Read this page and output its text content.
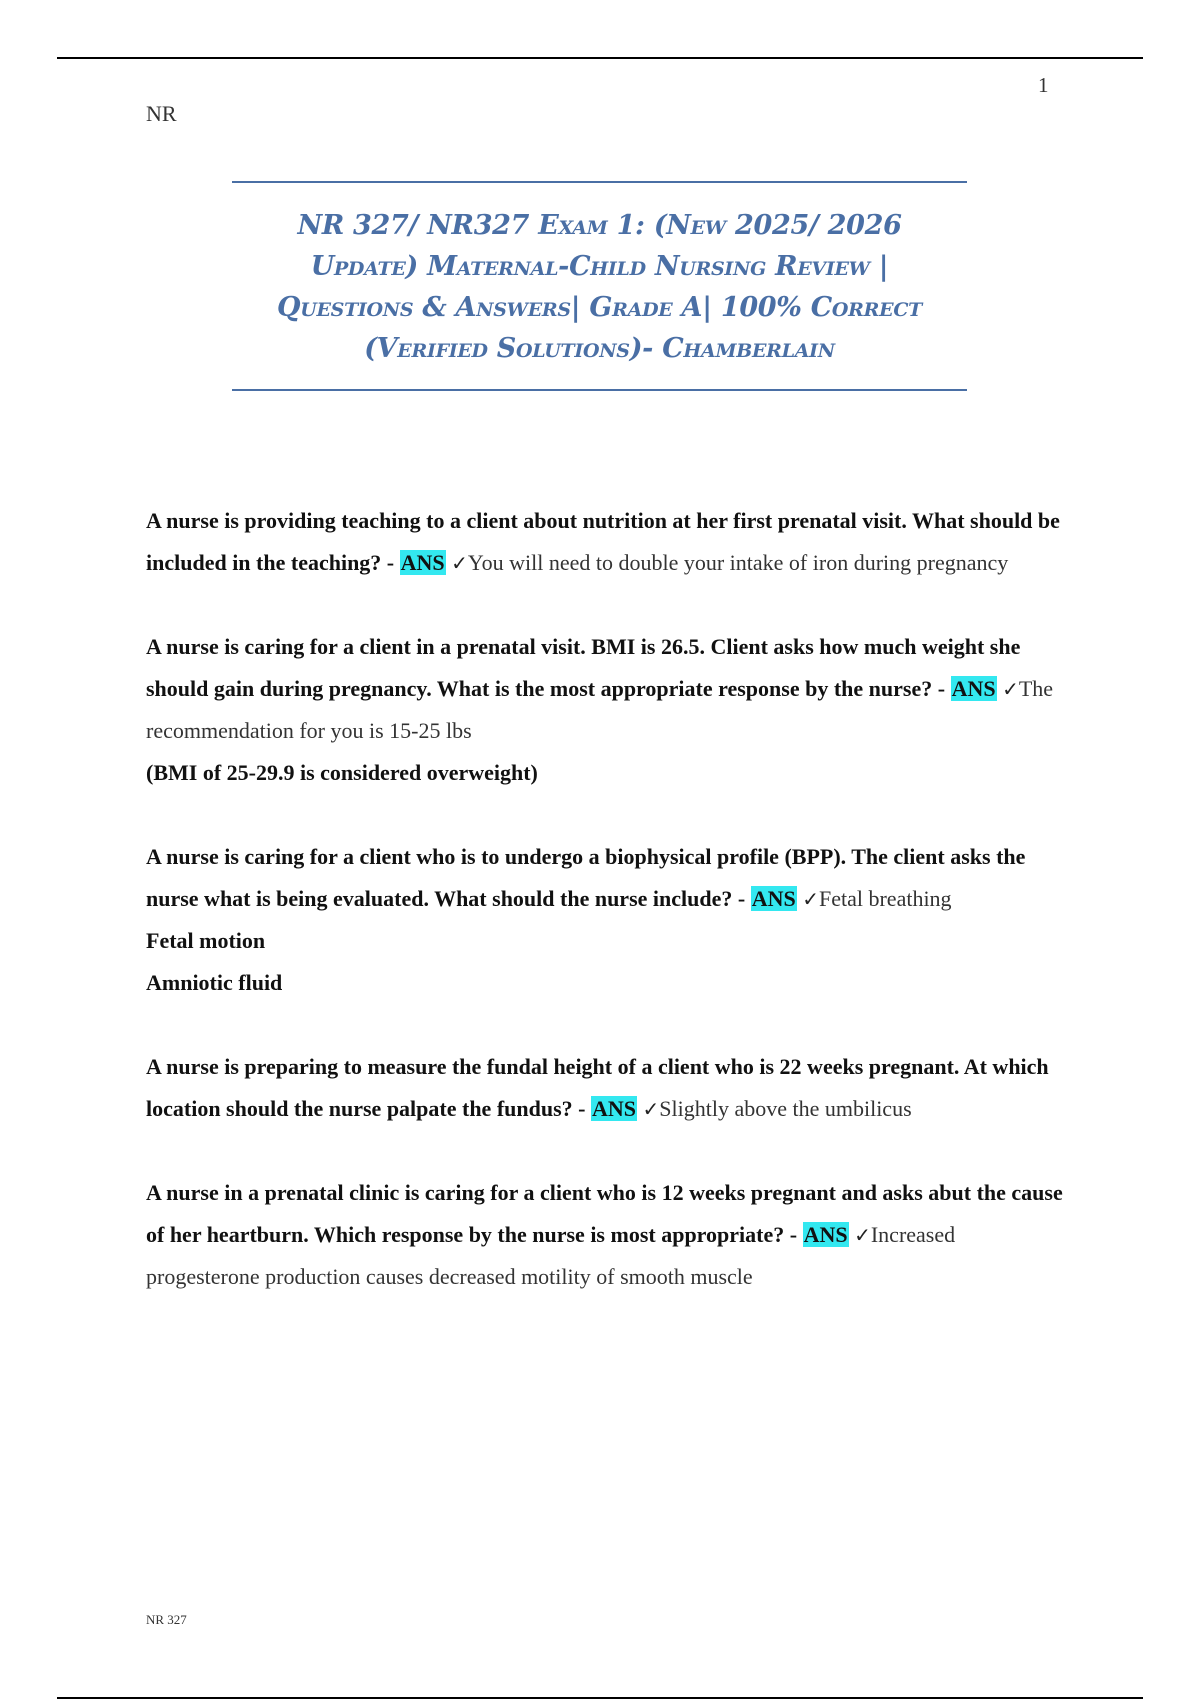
1
NR
NR 327/ NR327 Exam 1: (New 2025/ 2026
Update) Maternal-Child Nursing Review |
Questions & Answers| Grade A| 100% Correct
(Verified Solutions)- Chamberlain
A nurse is providing teaching to a client about nutrition at her first prenatal visit. What should be included in the teaching? - ANS ✓You will need to double your intake of iron during pregnancy
A nurse is caring for a client in a prenatal visit. BMI is 26.5. Client asks how much weight she should gain during pregnancy. What is the most appropriate response by the nurse? - ANS ✓The recommendation for you is 15-25 lbs
(BMI of 25-29.9 is considered overweight)
A nurse is caring for a client who is to undergo a biophysical profile (BPP). The client asks the nurse what is being evaluated. What should the nurse include? - ANS ✓Fetal breathing
Fetal motion
Amniotic fluid
A nurse is preparing to measure the fundal height of a client who is 22 weeks pregnant. At which location should the nurse palpate the fundus? - ANS ✓Slightly above the umbilicus
A nurse in a prenatal clinic is caring for a client who is 12 weeks pregnant and asks abut the cause of her heartburn. Which response by the nurse is most appropriate? - ANS ✓Increased progesterone production causes decreased motility of smooth muscle
NR 327
